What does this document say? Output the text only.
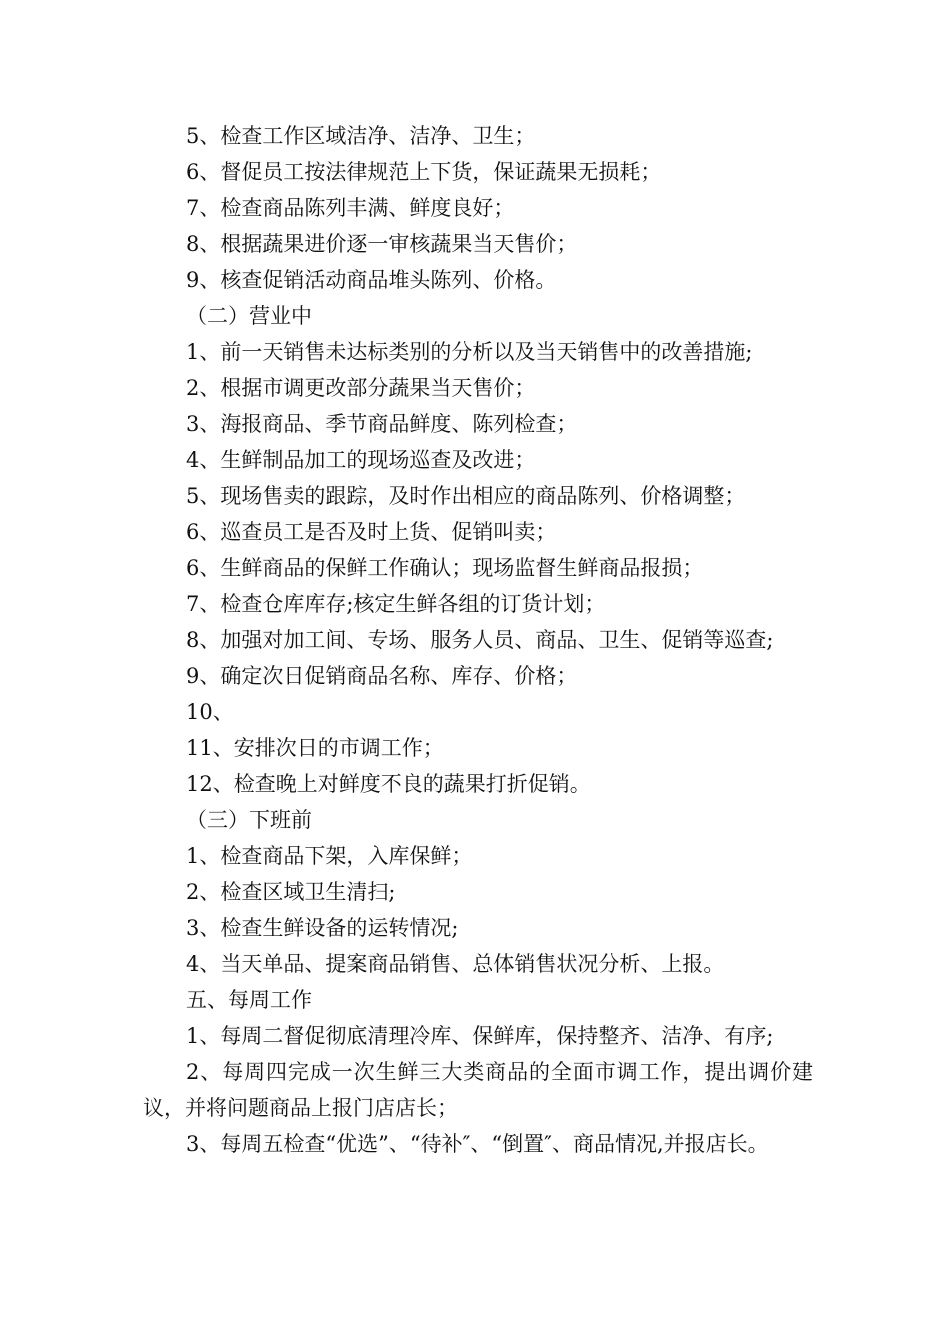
5、检查工作区域洁净、洁净、卫生；
6、督促员工按法律规范上下货，保证蔬果无损耗；
7、检查商品陈列丰满、鲜度良好；
8、根据蔬果进价逐一审核蔬果当天售价；
9、核查促销活动商品堆头陈列、价格。
（二）营业中
1、前一天销售未达标类别的分析以及当天销售中的改善措施;
2、根据市调更改部分蔬果当天售价；
3、海报商品、季节商品鲜度、陈列检查；
4、生鲜制品加工的现场巡查及改进；
5、现场售卖的跟踪，及时作出相应的商品陈列、价格调整；
6、巡查员工是否及时上货、促销叫卖；
6、生鲜商品的保鲜工作确认；现场监督生鲜商品报损；
7、检查仓库库存;核定生鲜各组的订货计划；
8、加强对加工间、专场、服务人员、商品、卫生、促销等巡查;
9、确定次日促销商品名称、库存、价格；
10、
11、安排次日的市调工作；
12、检查晚上对鲜度不良的蔬果打折促销。
（三）下班前
1、检查商品下架，入库保鲜；
2、检查区域卫生清扫;
3、检查生鲜设备的运转情况;
4、当天单品、提案商品销售、总体销售状况分析、上报。
五、每周工作
1、每周二督促彻底清理冷库、保鲜库，保持整齐、洁净、有序;
2、每周四完成一次生鲜三大类商品的全面市调工作，提出调价建议，并将问题商品上报门店店长；
3、每周五检查“优选”、“待补″、“倒置″、商品情况,并报店长。
